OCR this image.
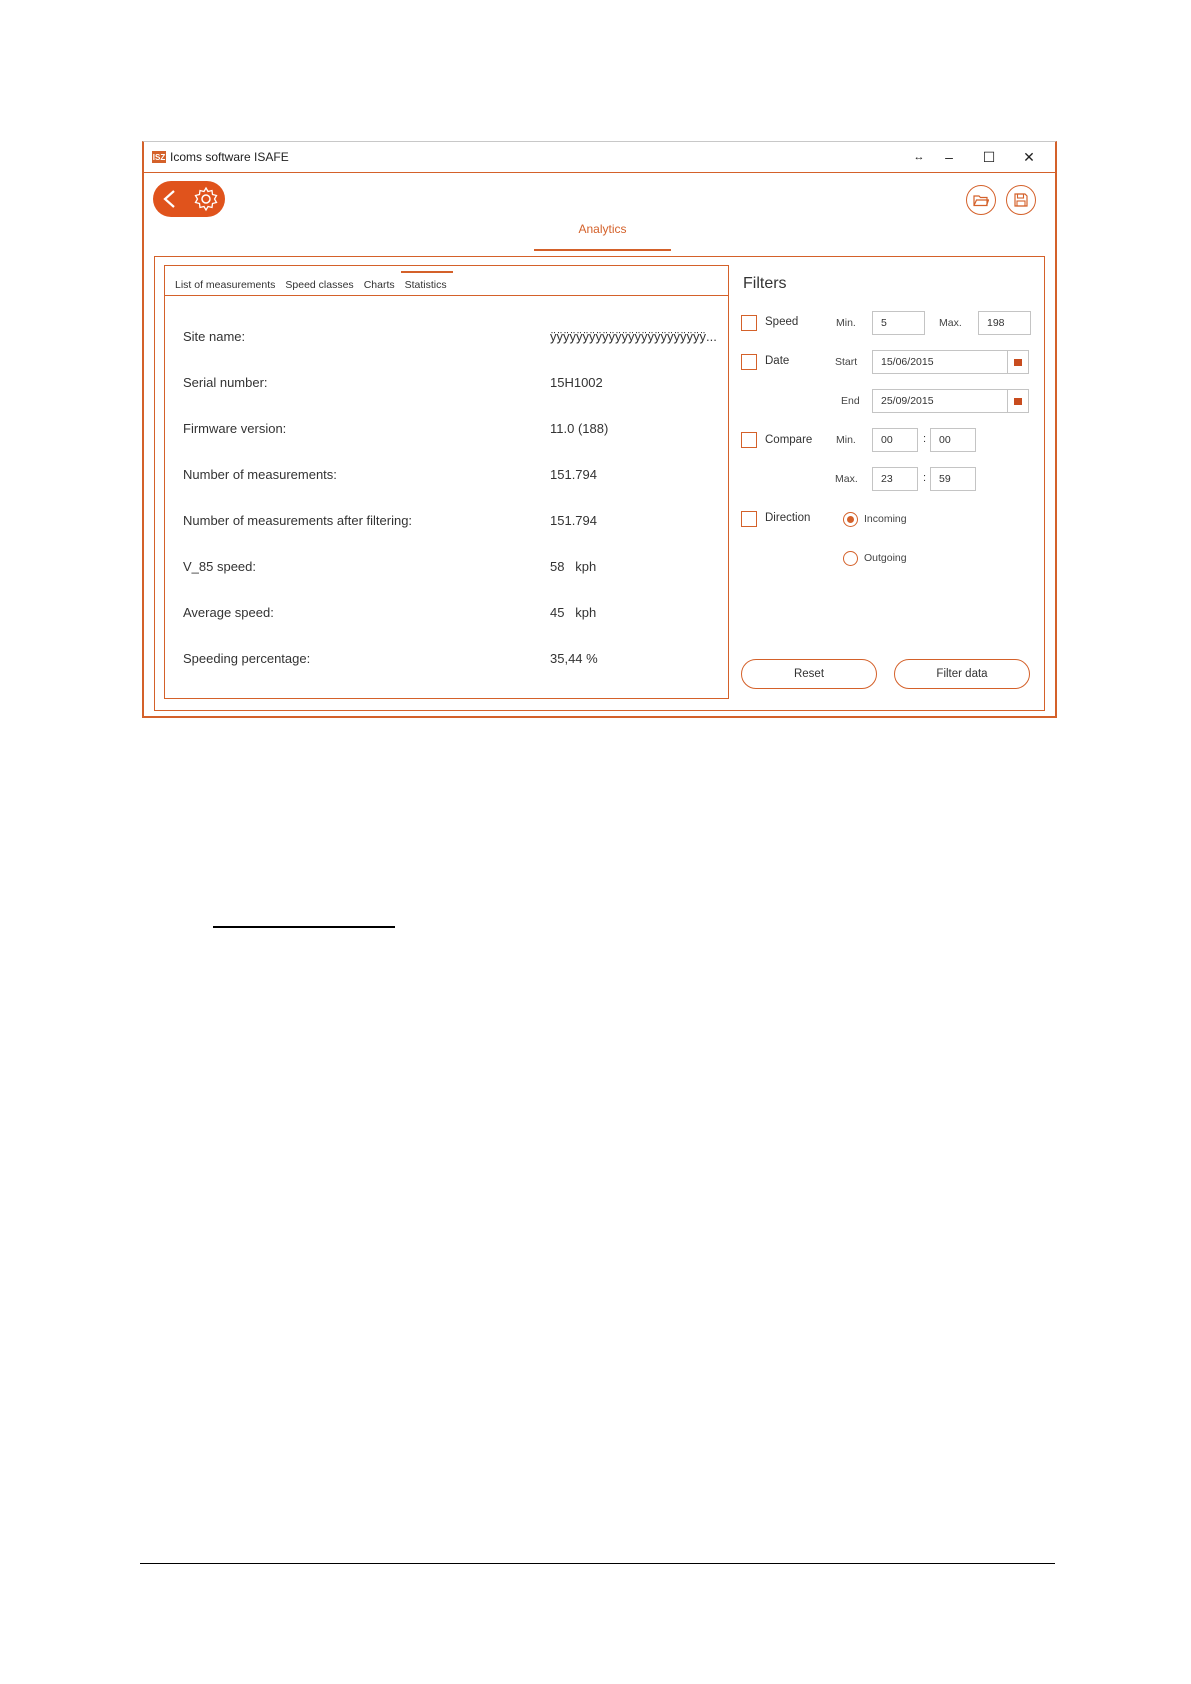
ISZ Icoms software ISAFE	↔	–	☐	✕
Analytics
List of measurements Speed classes Charts Statistics
Site name:	ÿÿÿÿÿÿÿÿÿÿÿÿÿÿÿÿÿÿÿÿÿÿÿÿ...
Serial number:	15H1002
Firmware version:	11.0 (188)
Number of measurements:	151.794
Number of measurements after filtering:	151.794
V_85 speed:	58   kph
Average speed:	45   kph
Speeding percentage:	35,44 %
Filters
Speed	Min.	5	Max.	198
Date	Start	15/06/2015
End	25/09/2015
Compare Min.	00	:	00
Max.	23	:	59
Direction	Incoming
Outgoing
Reset	Filter data
